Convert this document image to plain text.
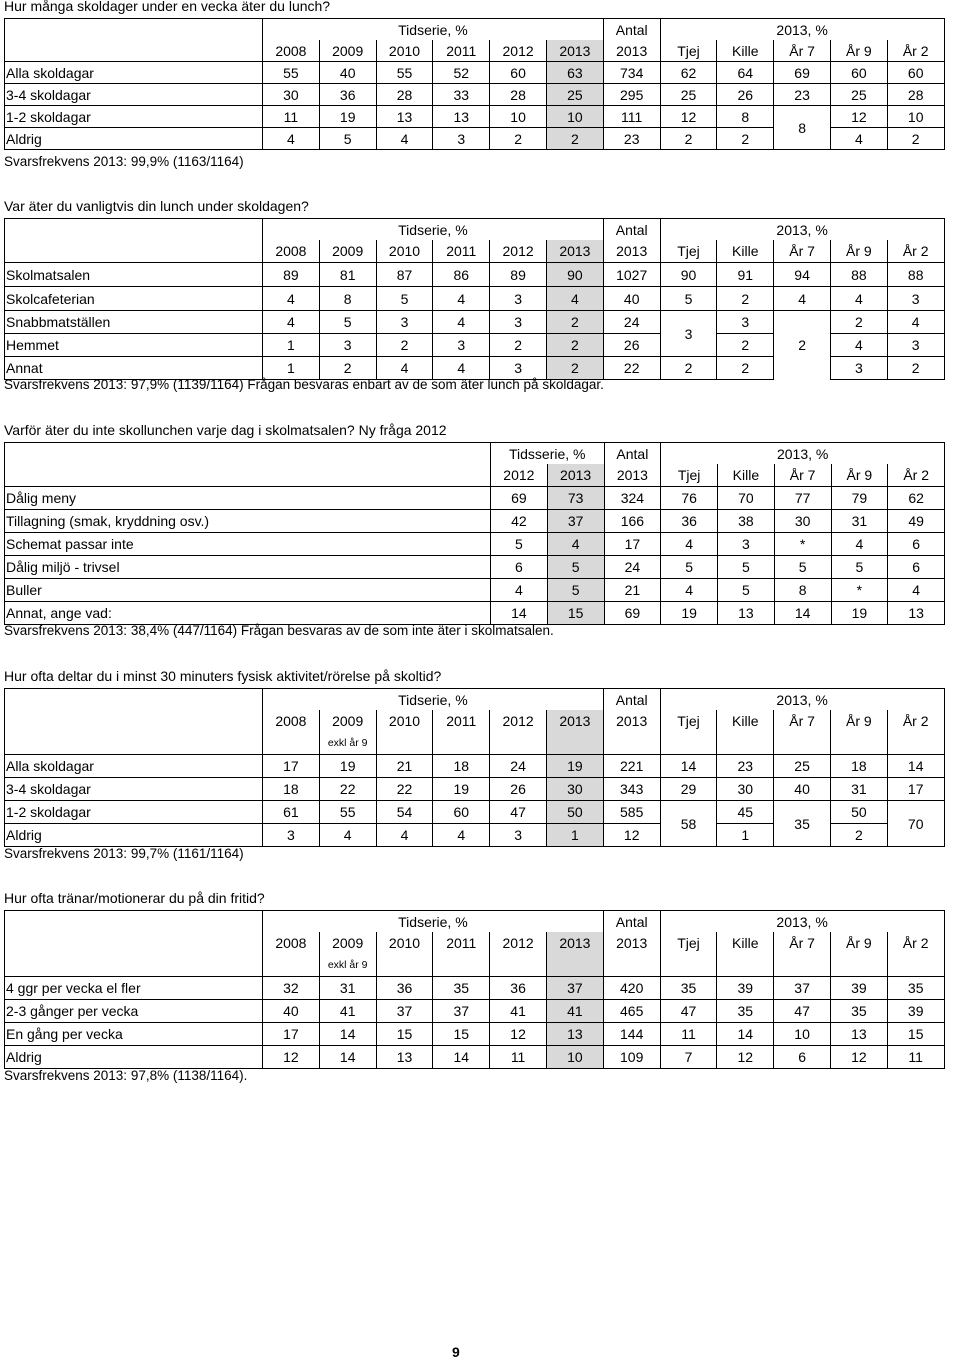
Hur många skoldager under en vecka äter du lunch?
	Tidserie, %						Antal	2013, %				
	2008	2009	2010	2011	2012	2013	2013	Tjej	Kille	År 7	År 9	År 2
Alla skoldagar	55	40	55	52	60	63	734	62	64	69	60	60
3-4 skoldagar	30	36	28	33	28	25	295	25	26	23	25	28
1-2 skoldagar	11	19	13	13	10	10	111	12	8	8	12	10
Aldrig	4	5	4	3	2	2	23	2	2		4	2
Svarsfrekvens 2013: 99,9% (1163/1164)
Var äter du vanligtvis din lunch under skoldagen?
	Tidserie, %						Antal	2013, %				
	2008	2009	2010	2011	2012	2013	2013	Tjej	Kille	År 7	År 9	År 2
Skolmatsalen	89	81	87	86	89	90	1027	90	91	94	88	88
Skolcafeterian	4	8	5	4	3	4	40	5	2	4	4	3
Snabbmatställen	4	5	3	4	3	2	24	3	3	2	2	4
Hemmet	1	3	2	3	2	2	26		2		4	3
Annat	1	2	4	4	3	2	22	2	2		3	2
Svarsfrekvens 2013: 97,9% (1139/1164) Frågan besvaras enbart av de som äter lunch på skoldagar.
Varför äter du inte skollunchen varje dag i skolmatsalen? Ny fråga 2012
	Tidsserie, %		Antal	2013, %				
	2012	2013	2013	Tjej	Kille	År 7	År 9	År 2
Dålig meny	69	73	324	76	70	77	79	62
Tillagning (smak, kryddning osv.)	42	37	166	36	38	30	31	49
Schemat passar inte	5	4	17	4	3	*	4	6
Dålig miljö - trivsel	6	5	24	5	5	5	5	6
Buller	4	5	21	4	5	8	*	4
Annat, ange vad:	14	15	69	19	13	14	19	13
Svarsfrekvens 2013: 38,4% (447/1164) Frågan besvaras av de som inte äter i skolmatsalen.
Hur ofta deltar du i minst 30 minuters fysisk aktivitet/rörelse på skoltid?
	Tidserie, %						Antal	2013, %				
	2008	2009	2010	2011	2012	2013	2013	Tjej	Kille	År 7	År 9	År 2
		exkl år 9										
Alla skoldagar	17	19	21	18	24	19	221	14	23	25	18	14
3-4 skoldagar	18	22	22	19	26	30	343	29	30	40	31	17
1-2 skoldagar	61	55	54	60	47	50	585	58	45	35	50	70
Aldrig	3	4	4	4	3	1	12		1		2	
Svarsfrekvens 2013: 99,7% (1161/1164)
Hur ofta tränar/motionerar du på din fritid?
	Tidserie, %						Antal	2013, %				
	2008	2009	2010	2011	2012	2013	2013	Tjej	Kille	År 7	År 9	År 2
		exkl år 9										
4 ggr per vecka el fler	32	31	36	35	36	37	420	35	39	37	39	35
2-3 gånger per vecka	40	41	37	37	41	41	465	47	35	47	35	39
En gång per vecka	17	14	15	15	12	13	144	11	14	10	13	15
Aldrig	12	14	13	14	11	10	109	7	12	6	12	11
Svarsfrekvens 2013: 97,8% (1138/1164).
9
